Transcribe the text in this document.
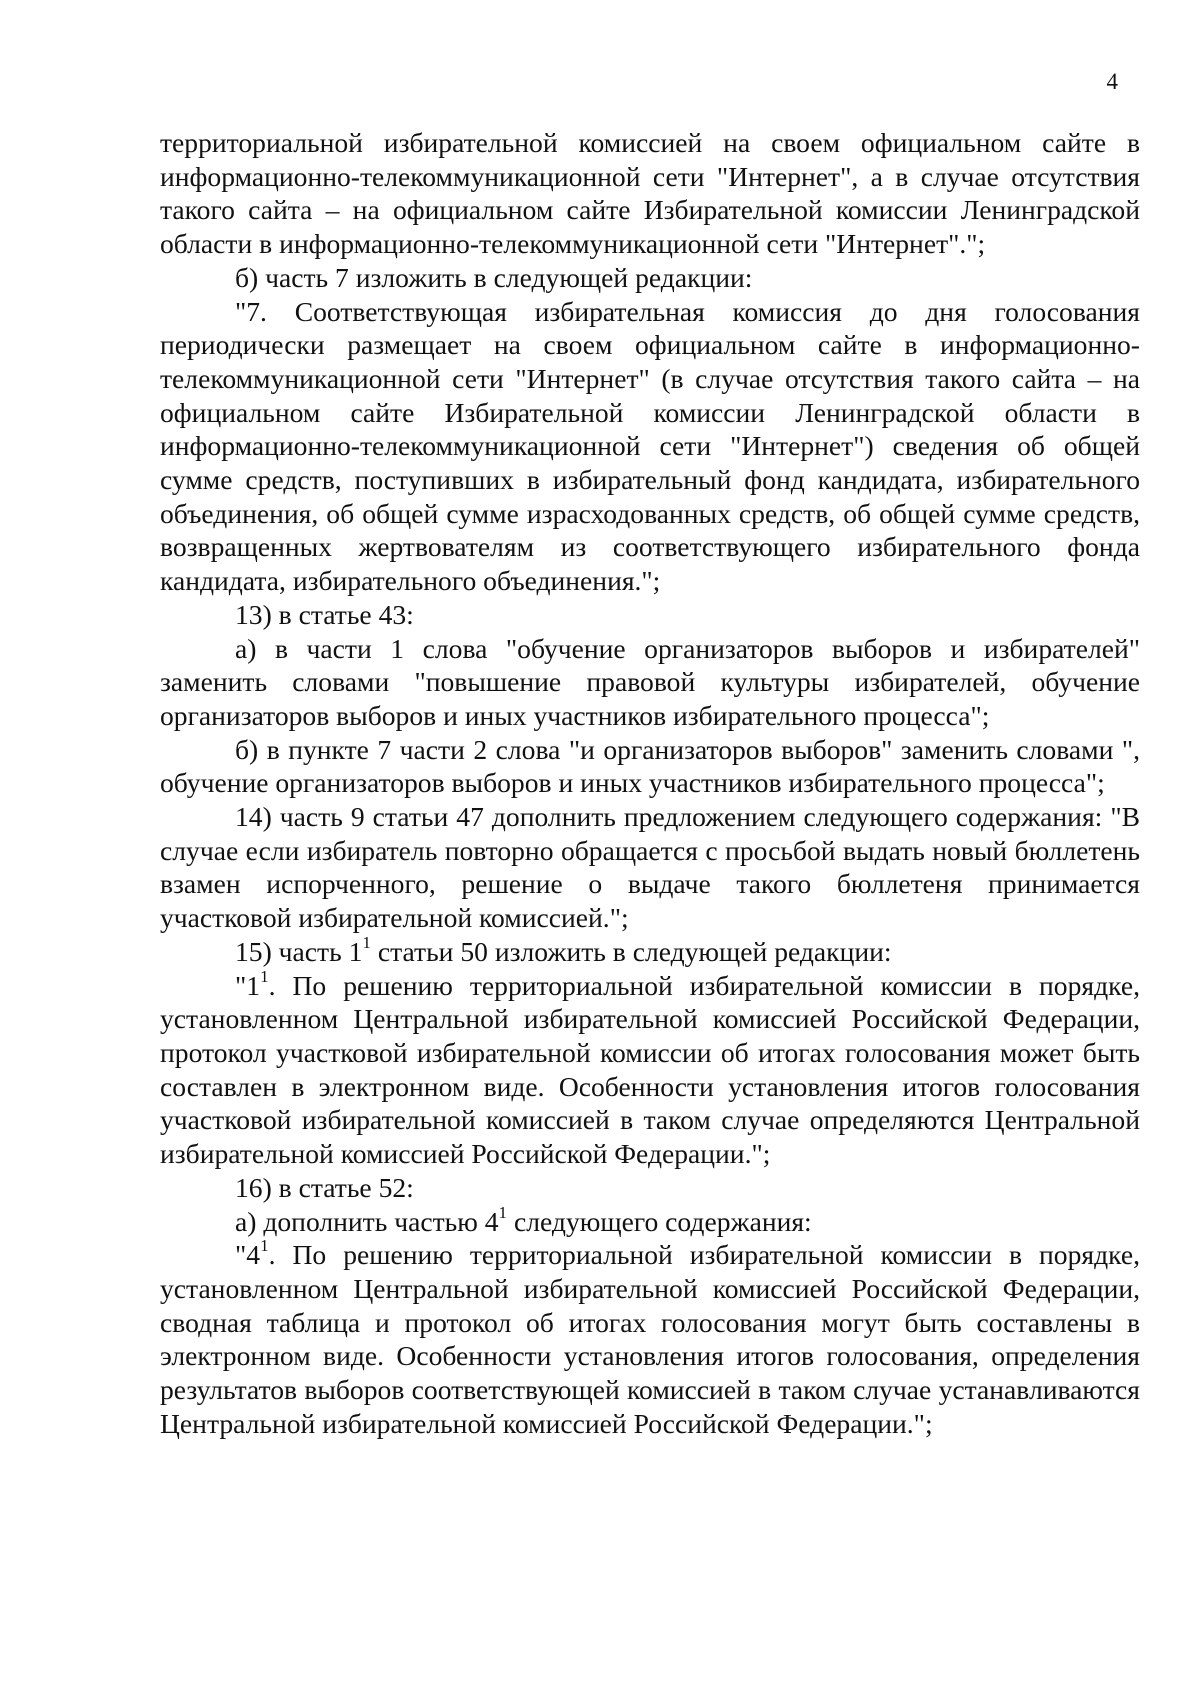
4

территориальной избирательной комиссией на своем официальном сайте в информационно-телекоммуникационной сети "Интернет", а в случае отсутствия такого сайта – на официальном сайте Избирательной комиссии Ленинградской области в информационно-телекоммуникационной сети "Интернет".";

б) часть 7 изложить в следующей редакции:

"7. Соответствующая избирательная комиссия до дня голосования периодически размещает на своем официальном сайте в информационно-телекоммуникационной сети "Интернет" (в случае отсутствия такого сайта – на официальном сайте Избирательной комиссии Ленинградской области в информационно-телекоммуникационной сети "Интернет") сведения об общей сумме средств, поступивших в избирательный фонд кандидата, избирательного объединения, об общей сумме израсходованных средств, об общей сумме средств, возвращенных жертвователям из соответствующего избирательного фонда кандидата, избирательного объединения.";

13) в статье 43:

а) в части 1 слова "обучение организаторов выборов и избирателей" заменить словами "повышение правовой культуры избирателей, обучение организаторов выборов и иных участников избирательного процесса";

б) в пункте 7 части 2 слова "и организаторов выборов" заменить словами ", обучение организаторов выборов и иных участников избирательного процесса";

14) часть 9 статьи 47 дополнить предложением следующего содержания: "В случае если избиратель повторно обращается с просьбой выдать новый бюллетень взамен испорченного, решение о выдаче такого бюллетеня принимается участковой избирательной комиссией.";

15) часть $1^1$ статьи 50 изложить в следующей редакции:

"$1^1$. По решению территориальной избирательной комиссии в порядке, установленном Центральной избирательной комиссией Российской Федерации, протокол участковой избирательной комиссии об итогах голосования может быть составлен в электронном виде. Особенности установления итогов голосования участковой избирательной комиссией в таком случае определяются Центральной избирательной комиссией Российской Федерации.";

16) в статье 52:

а) дополнить частью $4^1$ следующего содержания:

"$4^1$. По решению территориальной избирательной комиссии в порядке, установленном Центральной избирательной комиссией Российской Федерации, сводная таблица и протокол об итогах голосования могут быть составлены в электронном виде. Особенности установления итогов голосования, определения результатов выборов соответствующей комиссией в таком случае устанавливаются Центральной избирательной комиссией Российской Федерации.";
